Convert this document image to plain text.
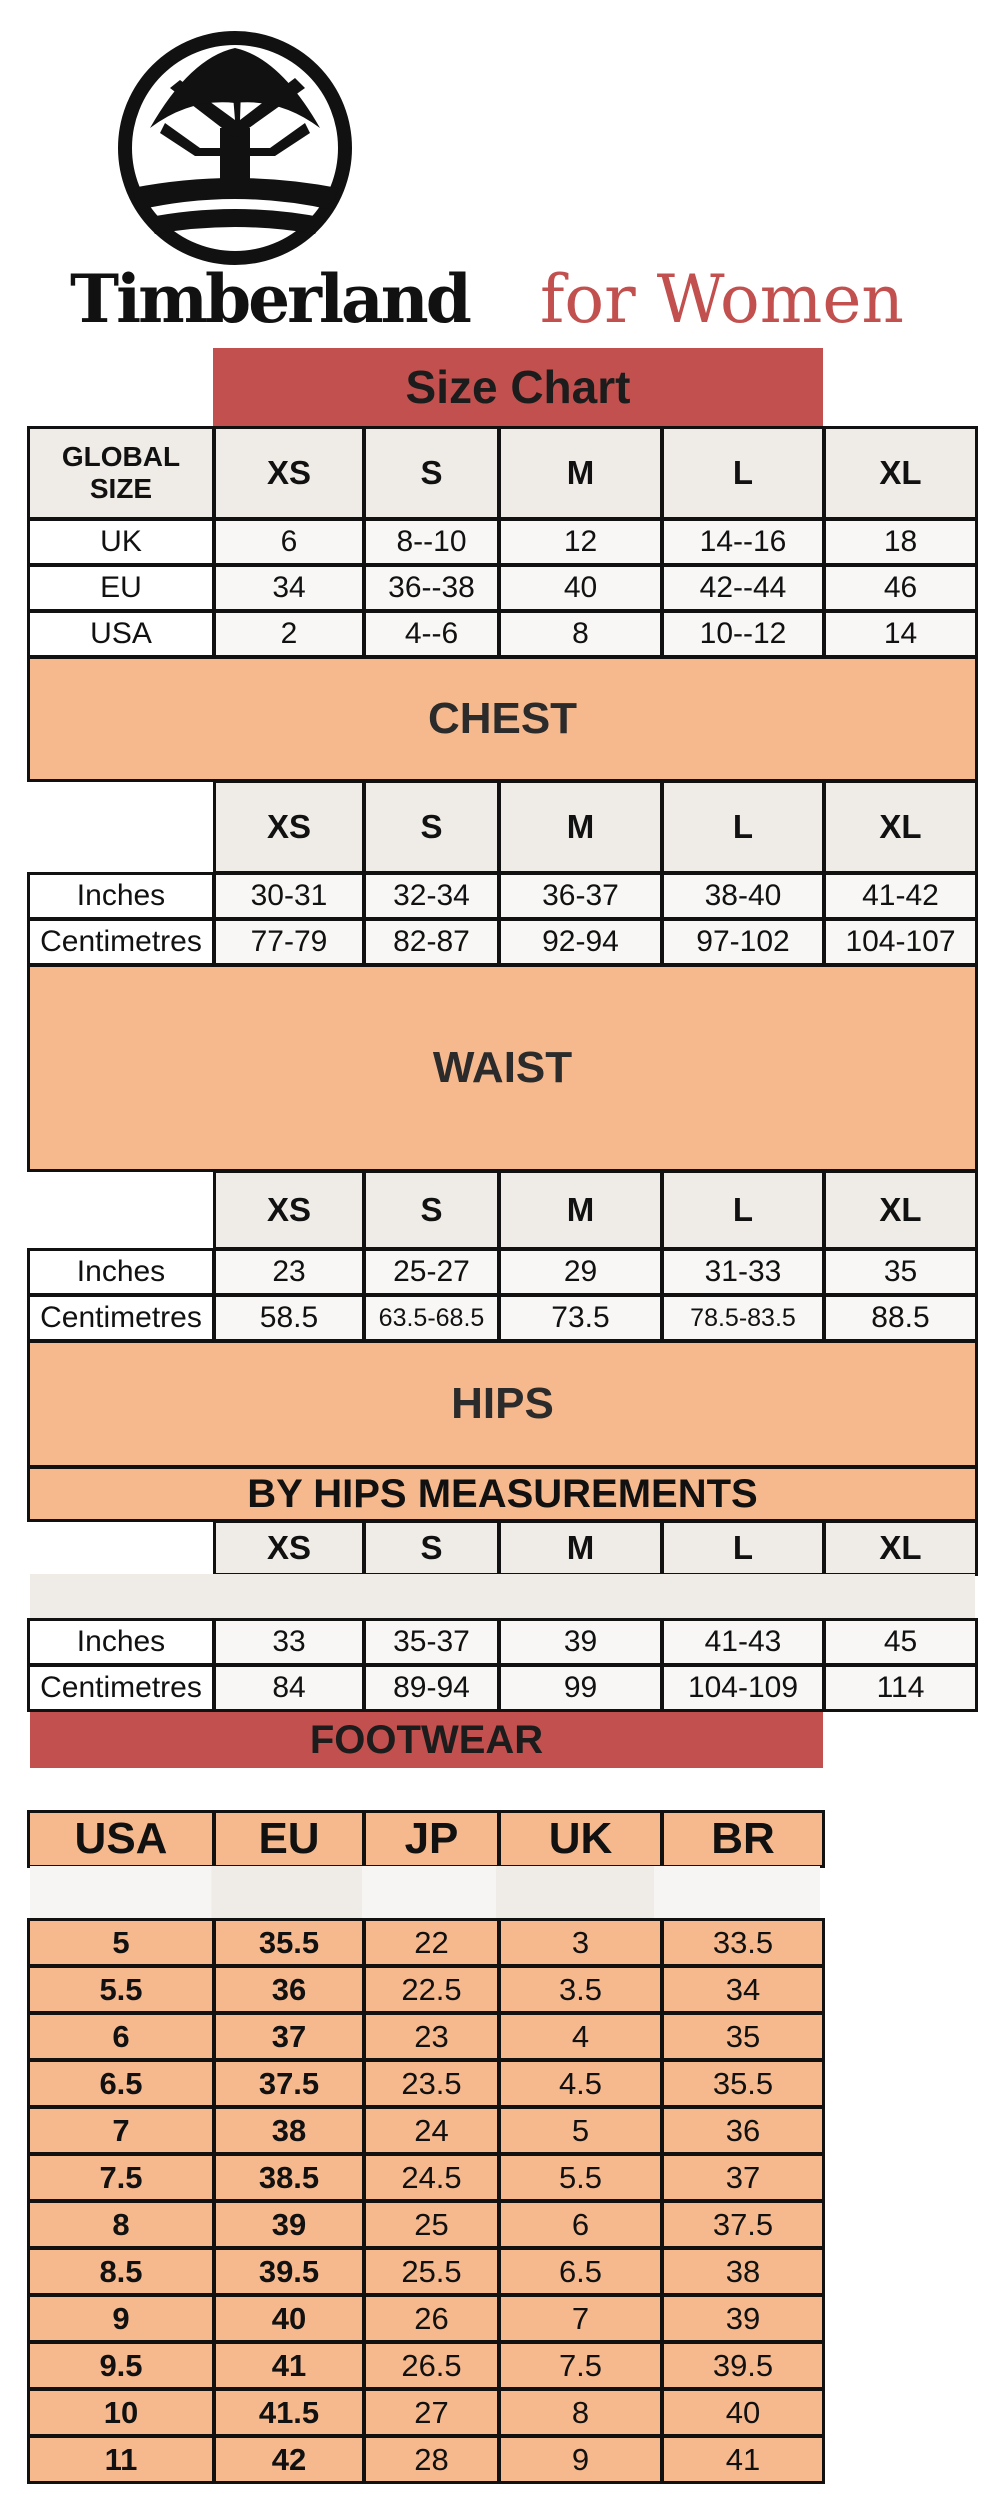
Timberland for Women
Size Chart
GLOBAL SIZE	XS	S	M	L	XL
UK	6	8--10	12	14--16	18
EU	34	36--38	40	42--44	46
USA	2	4--6	8	10--12	14
CHEST
XS	S	M	L	XL
Inches	30-31	32-34	36-37	38-40	41-42
Centimetres	77-79	82-87	92-94	97-102	104-107
WAIST
XS	S	M	L	XL
Inches	23	25-27	29	31-33	35
Centimetres	58.5	63.5-68.5	73.5	78.5-83.5	88.5
HIPS
BY HIPS MEASUREMENTS
XS	S	M	L	XL
Inches	33	35-37	39	41-43	45
Centimetres	84	89-94	99	104-109	114
FOOTWEAR
USA	EU	JP	UK	BR
5	35.5	22	3	33.5
5.5	36	22.5	3.5	34
6	37	23	4	35
6.5	37.5	23.5	4.5	35.5
7	38	24	5	36
7.5	38.5	24.5	5.5	37
8	39	25	6	37.5
8.5	39.5	25.5	6.5	38
9	40	26	7	39
9.5	41	26.5	7.5	39.5
10	41.5	27	8	40
11	42	28	9	41
